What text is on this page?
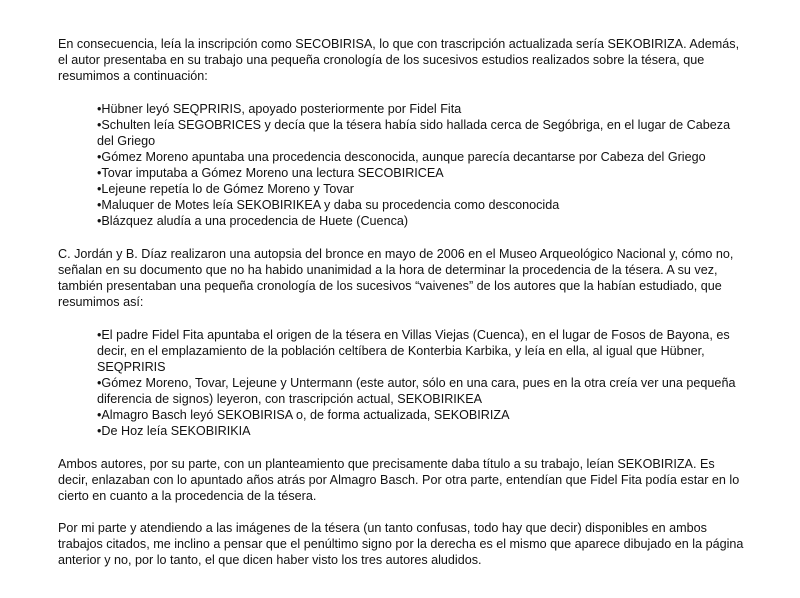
En consecuencia, leía la inscripción como SECOBIRISA, lo que con trascripción actualizada sería SEKOBIRIZA. Además, el autor presentaba en su trabajo una pequeña cronología de los sucesivos estudios realizados sobre la tésera, que resumimos a continuación:

•Hübner leyó SEQPRIRIS, apoyado posteriormente por Fidel Fita
•Schulten leía SEGOBRICES y decía que la tésera había sido hallada cerca de Segóbriga, en el lugar de Cabeza del Griego
•Gómez Moreno apuntaba una procedencia desconocida, aunque parecía decantarse por Cabeza del Griego
•Tovar imputaba a Gómez Moreno una lectura SECOBIRICEA
•Lejeune repetía lo de Gómez Moreno y Tovar
•Maluquer de Motes leía SEKOBIRIKEA y daba su procedencia como desconocida
•Blázquez aludía a una procedencia de Huete (Cuenca)

C. Jordán y B. Díaz realizaron una autopsia del bronce en mayo de 2006 en el Museo Arqueológico Nacional y, cómo no, señalan en su documento que no ha habido unanimidad a la hora de determinar la procedencia de la tésera. A su vez, también presentaban una pequeña cronología de los sucesivos “vaivenes” de los autores que la habían estudiado, que resumimos así:

•El padre Fidel Fita apuntaba el origen de la tésera en Villas Viejas (Cuenca), en el lugar de Fosos de Bayona, es decir, en el emplazamiento de la población celtíbera de Konterbia Karbika, y leía en ella, al igual que Hübner, SEQPRIRIS
•Gómez Moreno, Tovar, Lejeune y Untermann (este autor, sólo en una cara, pues en la otra creía ver una pequeña diferencia de signos) leyeron, con trascripción actual, SEKOBIRIKEA
•Almagro Basch leyó SEKOBIRISA o, de forma actualizada, SEKOBIRIZA
•De Hoz leía SEKOBIRIKIA

Ambos autores, por su parte, con un planteamiento que precisamente daba título a su trabajo, leían SEKOBIRIZA. Es decir, enlazaban con lo apuntado años atrás por Almagro Basch. Por otra parte, entendían que Fidel Fita podía estar en lo cierto en cuanto a la procedencia de la tésera.

Por mi parte y atendiendo a las imágenes de la tésera (un tanto confusas, todo hay que decir) disponibles en ambos trabajos citados, me inclino a pensar que el penúltimo signo por la derecha es el mismo que aparece dibujado en la página anterior y no, por lo tanto, el que dicen haber visto los tres autores aludidos.
